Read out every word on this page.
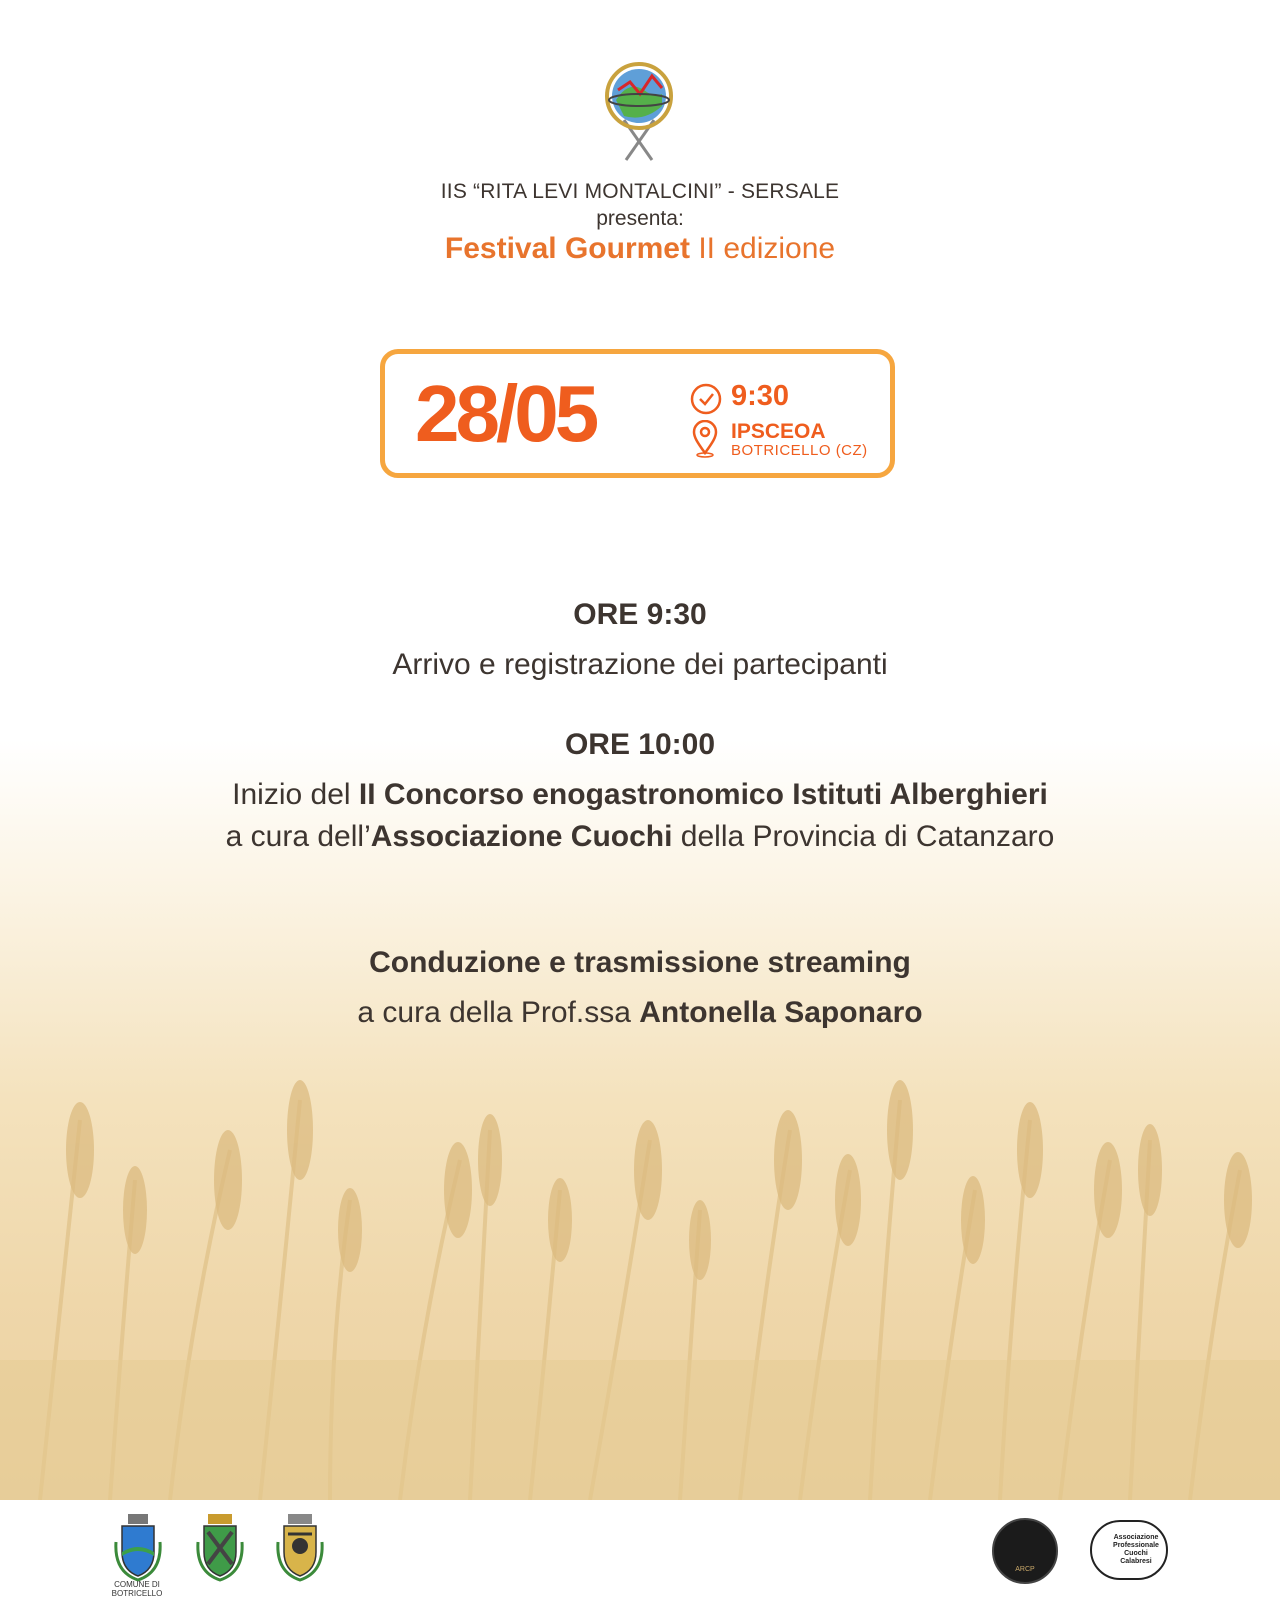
IIS “RITA LEVI MONTALCINI” - SERSALE
presenta:
Festival Gourmet II edizione
28/05	9:30
IPSCEOA
BOTRICELLO (CZ)
ORE 9:30
Arrivo e registrazione dei partecipanti
ORE 10:00
Inizio del II Concorso enogastronomico Istituti Alberghieri
a cura dell’Associazione Cuochi della Provincia di Catanzaro
Conduzione e trasmissione streaming
a cura della Prof.ssa Antonella Saponaro
COMUNE DI BOTRICELLO
ARCP
Associazione Professionale Cuochi Calabresi
